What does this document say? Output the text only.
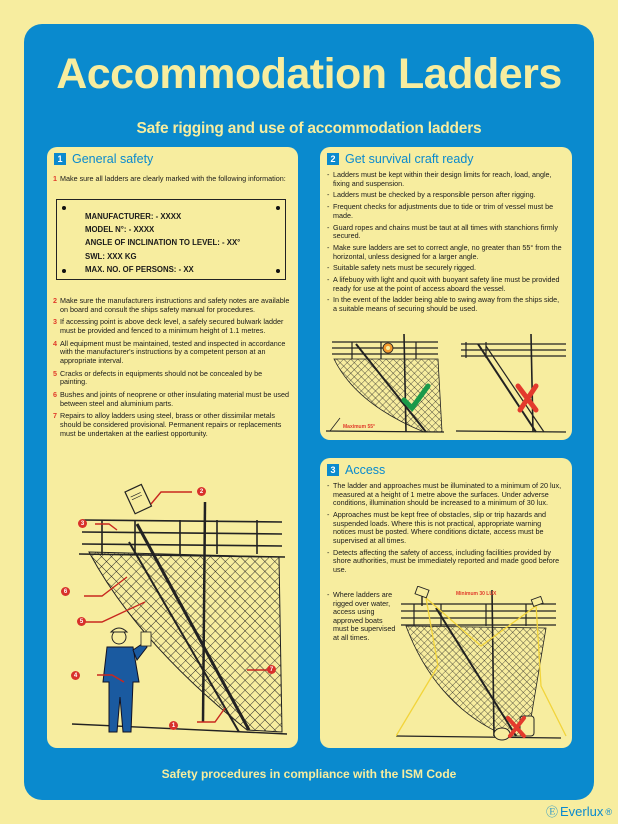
Accommodation Ladders
Safe rigging and use of accommodation ladders
1 General safety
1 Make sure all ladders are clearly marked with the following information:
MANUFACTURER: - XXXX
MODEL N°: - XXXX
ANGLE OF INCLINATION TO LEVEL: - XX°
SWL: XXX KG
MAX. NO. OF PERSONS: - XX
2 Make sure the manufacturers instructions and safety notes are available on board and consult the ships safety manual for procedures.
3 If accessing point is above deck level, a safely secured bulwark ladder must be provided and fenced to a minimum height of 1.1 metres.
4 All equipment must be maintained, tested and inspected in accordance with the manufacturer's instructions by a competent person at an appropriate interval.
5 Cracks or defects in equipments should not be concealed by be painting.
6 Bushes and joints of neoprene or other insulating material must be used between steel and aluminium parts.
7 Repairs to alloy ladders using steel, brass or other dissimilar metals should be considered provisional. Permanent repairs or replacements must be undertaken at the earliest opportunity.
2
3
6
5
7
4
1
2 Get survival craft ready
- Ladders must be kept within their design limits for reach, load, angle, fixing and suspension.
- Ladders must be checked by a responsible person after rigging.
- Frequent checks for adjustments due to tide or trim of vessel must be made.
- Guard ropes and chains must be taut at all times with stanchions firmly secured.
- Make sure ladders are set to correct angle, no greater than 55° from the horizontal, unless designed for a larger angle.
- Suitable safety nets must be securely rigged.
- A lifebuoy with light and quoit with buoyant safety line must be provided ready for use at the point of access aboard the vessel.
- In the event of the ladder being able to swing away from the ships side, a suitable means of securing should be used.
Maximum 55°
3 Access
- The ladder and approaches must be illuminated to a minimum of 20 lux, measured at a height of 1 metre above the surfaces. Under adverse conditions, illumination should be increased to a minimum of 30 lux.
- Approaches must be kept free of obstacles, slip or trip hazards and suspended loads. Where this is not practical, appropriate warning notices must be posted. Where conditions dictate, access must be supervised at all times.
- Detects affecting the safety of access, including facilities provided by shore authorities, must be immediately reported and made good before use.
- Where ladders are rigged over water, access using approved boats must be supervised at all times.
Minimum 30 LUX
Safety procedures in compliance with the ISM Code
Ⓔ Everlux ®
